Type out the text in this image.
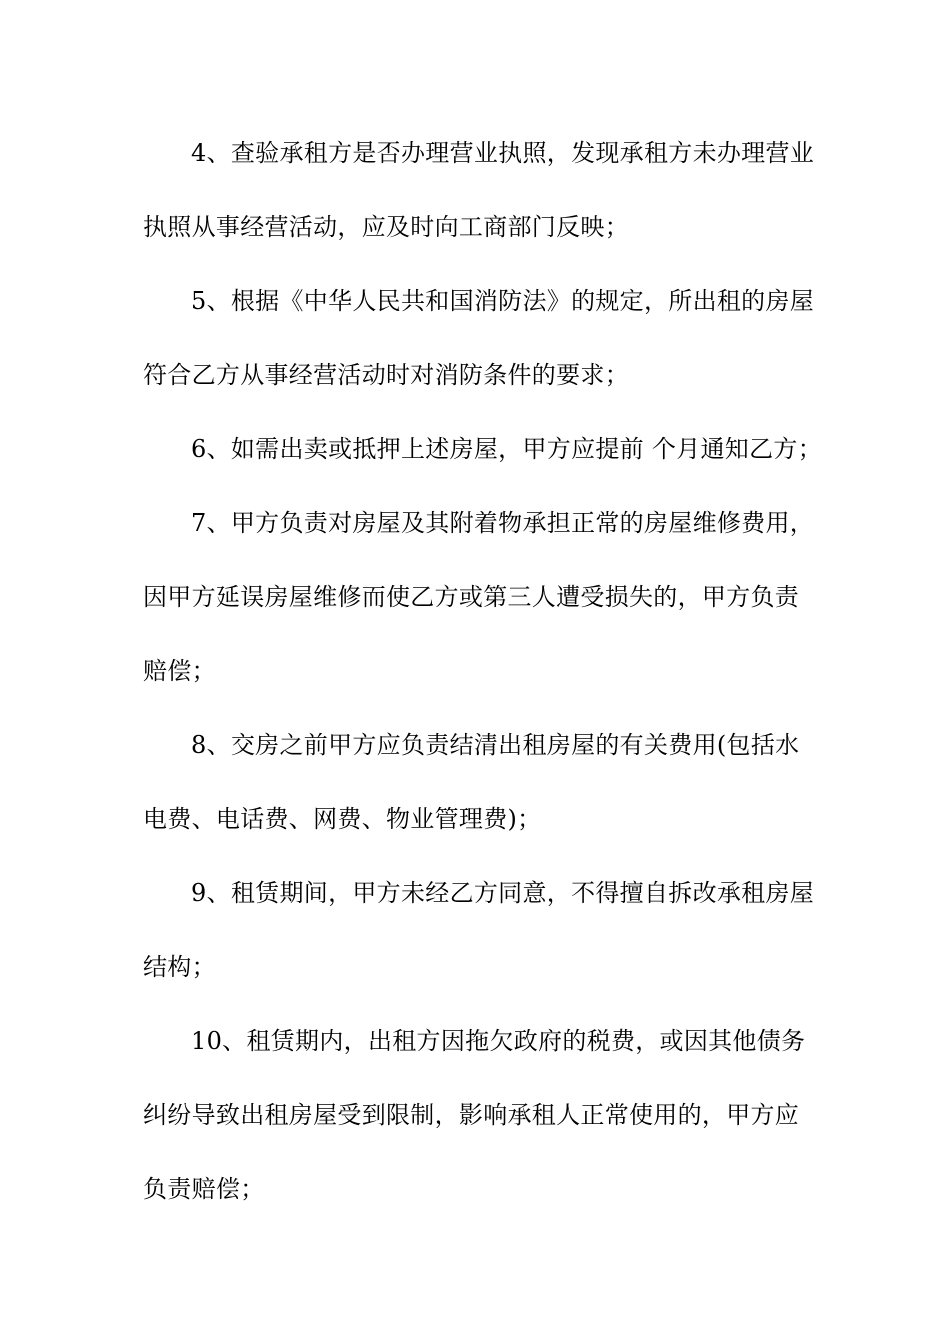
4、查验承租方是否办理营业执照，发现承租方未办理营业
执照从事经营活动，应及时向工商部门反映；
5、根据《中华人民共和国消防法》的规定，所出租的房屋
符合乙方从事经营活动时对消防条件的要求；
6、如需出卖或抵押上述房屋，甲方应提前 个月通知乙方；
7、甲方负责对房屋及其附着物承担正常的房屋维修费用，
因甲方延误房屋维修而使乙方或第三人遭受损失的，甲方负责
赔偿；
8、交房之前甲方应负责结清出租房屋的有关费用(包括水
电费、电话费、网费、物业管理费)；
9、租赁期间，甲方未经乙方同意，不得擅自拆改承租房屋
结构；
10、租赁期内，出租方因拖欠政府的税费，或因其他债务
纠纷导致出租房屋受到限制，影响承租人正常使用的，甲方应
负责赔偿；
